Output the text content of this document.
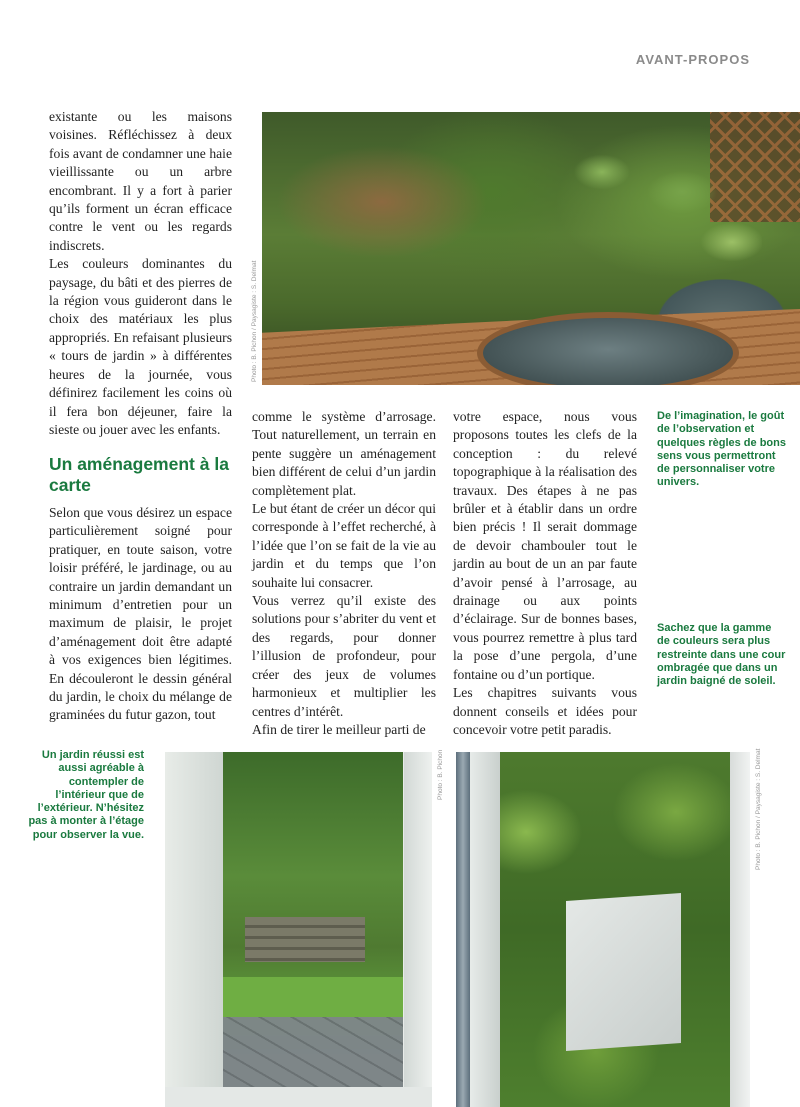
AVANT-PROPOS
Photo : B. Pichon / Paysagiste : S. Delmat

existante ou les maisons voisines. Réfléchissez à deux fois avant de condamner une haie vieillissante ou un arbre encombrant. Il y a fort à parier qu’ils forment un écran efficace contre le vent ou les regards indiscrets.

Les couleurs dominantes du paysage, du bâti et des pierres de la région vous guideront dans le choix des matériaux les plus appropriés. En refaisant plusieurs « tours de jardin » à différentes heures de la journée, vous définirez facilement les coins où il fera bon déjeuner, faire la sieste ou jouer avec les enfants.

Un aménagement à la carte

Selon que vous désirez un espace particulièrement soigné pour pratiquer, en toute saison, votre loisir préféré, le jardinage, ou au contraire un jardin demandant un minimum d’entretien pour un maximum de plaisir, le projet d’aménagement doit être adapté à vos exigences bien légitimes. En découleront le dessin général du jardin, le choix du mélange de graminées du futur gazon, tout

comme le système d’arrosage. Tout naturellement, un terrain en pente suggère un aménagement bien différent de celui d’un jardin complètement plat.

Le but étant de créer un décor qui corresponde à l’effet recherché, à l’idée que l’on se fait de la vie au jardin et du temps que l’on souhaite lui consacrer.

Vous verrez qu’il existe des solutions pour s’abriter du vent et des regards, pour donner l’illusion de profondeur, pour créer des jeux de volumes harmonieux et multiplier les centres d’intérêt.

Afin de tirer le meilleur parti de

votre espace, nous vous proposons toutes les clefs de la conception : du relevé topographique à la réalisation des travaux. Des étapes à ne pas brûler et à établir dans un ordre bien précis ! Il serait dommage de devoir chambouler tout le jardin au bout de un an par faute d’avoir pensé à l’arrosage, au drainage ou aux points d’éclairage. Sur de bonnes bases, vous pourrez remettre à plus tard la pose d’une pergola, d’une fontaine ou d’un portique.

Les chapitres suivants vous donnent conseils et idées pour concevoir votre petit paradis.

De l’imagination, le goût de l’observation et quelques règles de bons sens vous permettront de personnaliser votre univers.
Sachez que la gamme de couleurs sera plus restreinte dans une cour ombragée que dans un jardin baigné de soleil.
Un jardin réussi est aussi agréable à contempler de l’intérieur que de l’extérieur. N’hésitez pas à monter à l’étage pour observer la vue.
Photo : B. Pichon	Photo : B. Pichon / Paysagiste : S. Delmat
